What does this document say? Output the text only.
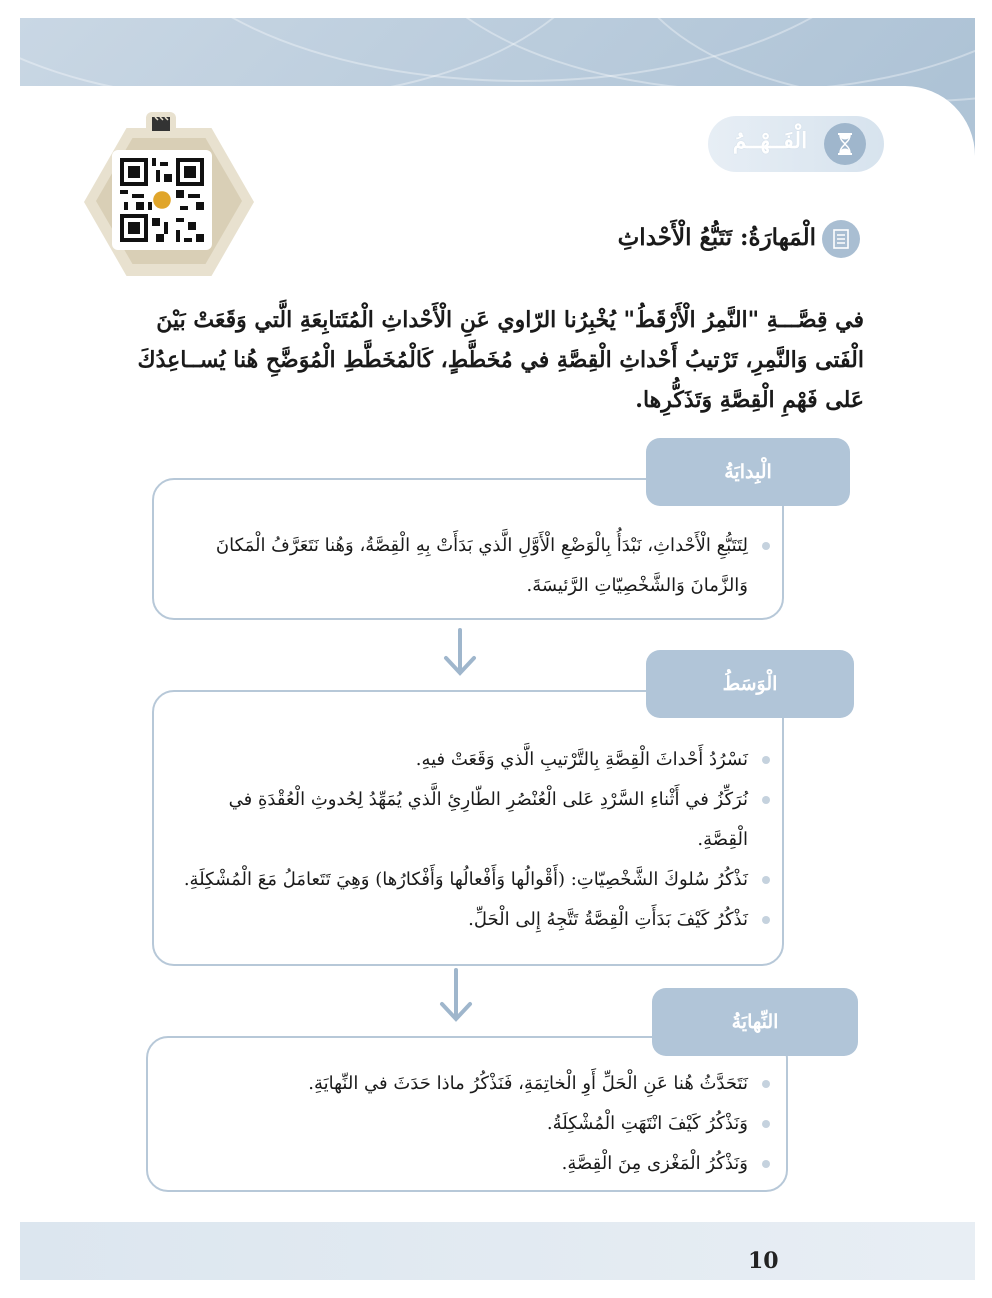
10
الْفَــهْــمُ
الْمَهارَةُ: تَتَبُّعُ الْأَحْداثِ
في قِصَّـــةِ "النَّمِرُ الْأَرْقَطُ" يُخْبِرُنا الرّاوي عَنِ الْأَحْداثِ الْمُتَتابِعَةِ الَّتي وَقَعَتْ بَيْنَ الْفَتى وَالنَّمِرِ، تَرْتيبُ أَحْداثِ الْقِصَّةِ في مُخَطَّطٍ، كَالْمُخَطَّطِ الْمُوَضَّحِ هُنا يُســاعِدُكَ عَلى فَهْمِ الْقِصَّةِ وَتَذَكُّرِها.
الْبِدايَةُ
لِتَتَبُّعِ الْأَحْداثِ، نَبْدَأُ بِالْوَضْعِ الْأَوَّلِ الَّذي بَدَأَتْ بِهِ الْقِصَّةُ، وَهُنا نَتَعَرَّفُ الْمَكانَ وَالزَّمانَ وَالشَّخْصِيّاتِ الرَّئيسَةَ.
الْوَسَطُ
نَسْرُدُ أَحْداثَ الْقِصَّةِ بِالتَّرْتيبِ الَّذي وَقَعَتْ فيهِ.
نُرَكِّزُ في أَثْناءِ السَّرْدِ عَلى الْعُنْصُرِ الطّارِئِ الَّذي يُمَهِّدُ لِحُدوثِ الْعُقْدَةِ في الْقِصَّةِ.
نَذْكُرُ سُلوكَ الشَّخْصِيّاتِ: (أَقْوالُها وَأَفْعالُها وَأَفْكارُها) وَهِيَ تَتَعامَلُ مَعَ الْمُشْكِلَةِ.
نَذْكُرُ كَيْفَ بَدَأَتِ الْقِصَّةُ تَتَّجِهُ إِلى الْحَلِّ.
النِّهايَةُ
نَتَحَدَّثُ هُنا عَنِ الْحَلِّ أَوِ الْخاتِمَةِ، فَنَذْكُرُ ماذا حَدَثَ في النِّهايَةِ.
وَنَذْكُرُ كَيْفَ انْتَهَتِ الْمُشْكِلَةُ.
وَنَذْكُرُ الْمَغْزى مِنَ الْقِصَّةِ.
